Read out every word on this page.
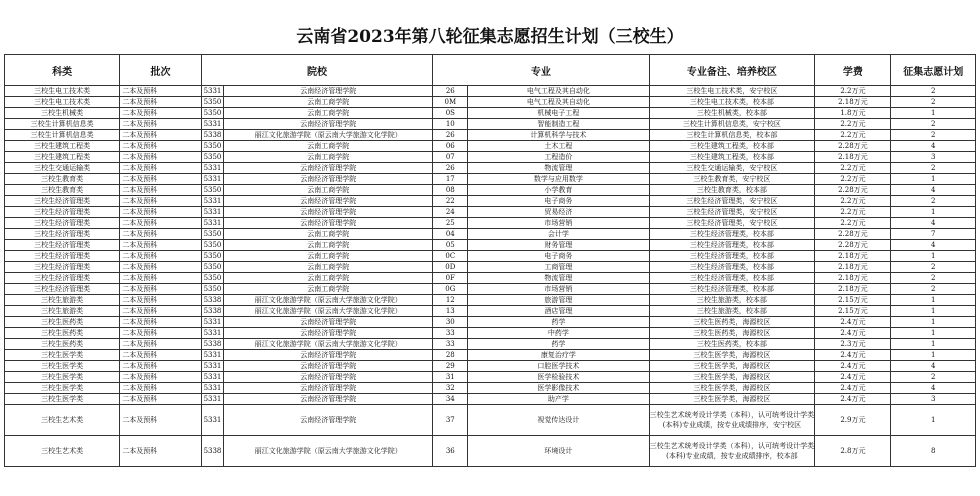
云南省2023年第八轮征集志愿招生计划（三校生）
科类	批次	院校		专业		专业备注、培养校区	学费	征集志愿计划
三校生电工技术类	二本及预科	5331	云南经济管理学院	26	电气工程及其自动化	三校生电工技术类，安宁校区	2.2万元	2
三校生电工技术类	二本及预科	5350	云南工商学院	0M	电气工程及其自动化	三校生电工技术类，校本部	2.18万元	2
三校生机械类	二本及预科	5350	云南工商学院	0S	机械电子工程	三校生机械类，校本部	1.8万元	1
三校生计算机信息类	二本及预科	5331	云南经济管理学院	10	智能制造工程	三校生计算机信息类，安宁校区	2.2万元	2
三校生计算机信息类	二本及预科	5338	丽江文化旅游学院（原云南大学旅游文化学院）	26	计算机科学与技术	三校生计算机信息类，校本部	2.2万元	2
三校生建筑工程类	二本及预科	5350	云南工商学院	06	土木工程	三校生建筑工程类，校本部	2.28万元	4
三校生建筑工程类	二本及预科	5350	云南工商学院	07	工程造价	三校生建筑工程类，校本部	2.18万元	3
三校生交通运输类	二本及预科	5331	云南经济管理学院	26	物流管理	三校生交通运输类，安宁校区	2.2万元	2
三校生教育类	二本及预科	5331	云南经济管理学院	17	数学与应用数学	三校生教育类，安宁校区	2.2万元	1
三校生教育类	二本及预科	5350	云南工商学院	08	小学教育	三校生教育类，校本部	2.28万元	4
三校生经济管理类	二本及预科	5331	云南经济管理学院	22	电子商务	三校生经济管理类，安宁校区	2.2万元	2
三校生经济管理类	二本及预科	5331	云南经济管理学院	24	贸易经济	三校生经济管理类，安宁校区	2.2万元	1
三校生经济管理类	二本及预科	5331	云南经济管理学院	25	市场营销	三校生经济管理类，安宁校区	2.2万元	4
三校生经济管理类	二本及预科	5350	云南工商学院	04	会计学	三校生经济管理类，校本部	2.28万元	7
三校生经济管理类	二本及预科	5350	云南工商学院	05	财务管理	三校生经济管理类，校本部	2.28万元	4
三校生经济管理类	二本及预科	5350	云南工商学院	0C	电子商务	三校生经济管理类，校本部	2.18万元	1
三校生经济管理类	二本及预科	5350	云南工商学院	0D	工商管理	三校生经济管理类，校本部	2.18万元	2
三校生经济管理类	二本及预科	5350	云南工商学院	0F	物流管理	三校生经济管理类，校本部	2.18万元	2
三校生经济管理类	二本及预科	5350	云南工商学院	0G	市场营销	三校生经济管理类，校本部	2.18万元	2
三校生旅游类	二本及预科	5338	丽江文化旅游学院（原云南大学旅游文化学院）	12	旅游管理	三校生旅游类，校本部	2.15万元	1
三校生旅游类	二本及预科	5338	丽江文化旅游学院（原云南大学旅游文化学院）	13	酒店管理	三校生旅游类，校本部	2.15万元	1
三校生医药类	二本及预科	5331	云南经济管理学院	30	药学	三校生医药类，海源校区	2.4万元	1
三校生医药类	二本及预科	5331	云南经济管理学院	33	中药学	三校生医药类，海源校区	2.4万元	1
三校生医药类	二本及预科	5338	丽江文化旅游学院（原云南大学旅游文化学院）	33	药学	三校生医药类，校本部	2.3万元	1
三校生医学类	二本及预科	5331	云南经济管理学院	28	康复治疗学	三校生医学类，海源校区	2.4万元	1
三校生医学类	二本及预科	5331	云南经济管理学院	29	口腔医学技术	三校生医学类，海源校区	2.4万元	4
三校生医学类	二本及预科	5331	云南经济管理学院	31	医学检验技术	三校生医学类，海源校区	2.4万元	2
三校生医学类	二本及预科	5331	云南经济管理学院	32	医学影像技术	三校生医学类，海源校区	2.4万元	4
三校生医学类	二本及预科	5331	云南经济管理学院	34	助产学	三校生医学类，海源校区	2.4万元	3
三校生艺术类	二本及预科	5331	云南经济管理学院	37	视觉传达设计	三校生艺术统考设计学类（本科），认可统考设计学类(本科)专业成绩，按专业成绩排序，安宁校区	2.9万元	1
三校生艺术类	二本及预科	5338	丽江文化旅游学院（原云南大学旅游文化学院）	36	环境设计	三校生艺术统考设计学类（本科），认可统考设计学类(本科)专业成绩，按专业成绩排序，校本部	2.8万元	8
